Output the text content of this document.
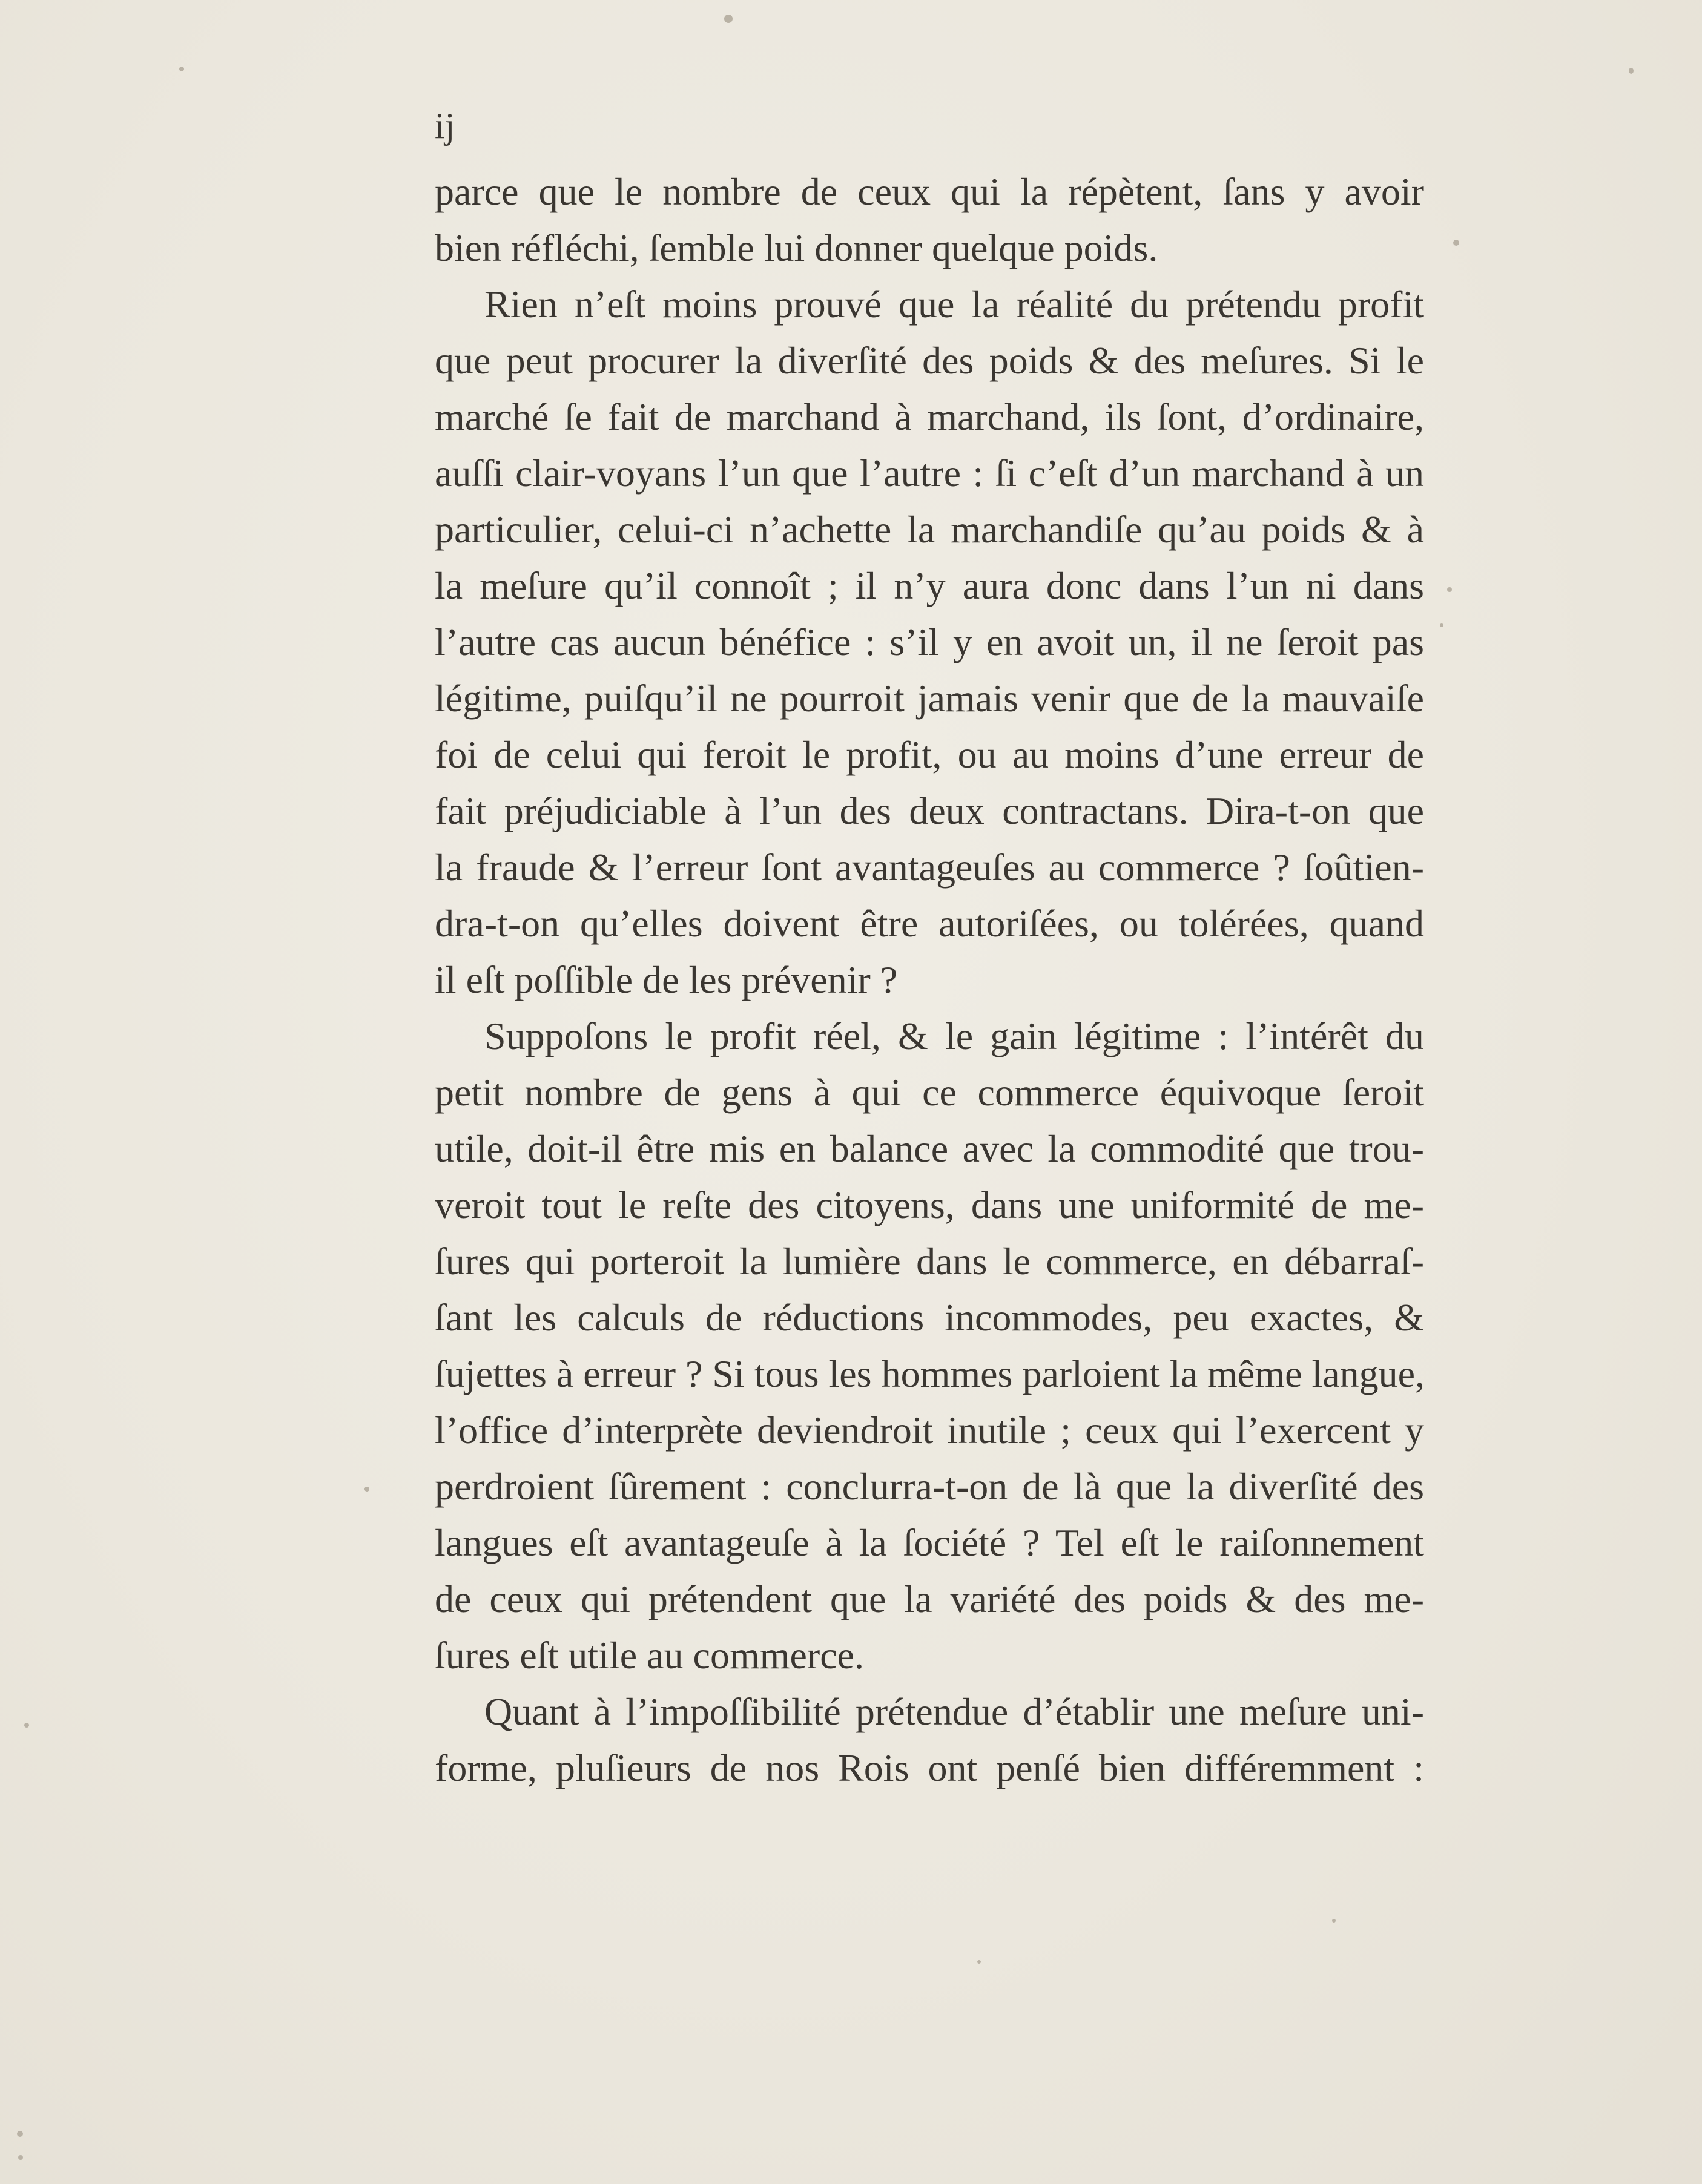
ij
parce que le nombre de ceux qui la répètent, ſans y avoir
bien réfléchi, ſemble lui donner quelque poids.
Rien n’eſt moins prouvé que la réalité du prétendu profit
que peut procurer la diverſité des poids & des meſures. Si le
marché ſe fait de marchand à marchand, ils ſont, d’ordinaire,
auſſi clair-voyans l’un que l’autre : ſi c’eſt d’un marchand à un
particulier, celui-ci n’achette la marchandiſe qu’au poids & à
la meſure qu’il connoît ; il n’y aura donc dans l’un ni dans
l’autre cas aucun bénéfice : s’il y en avoit un, il ne ſeroit pas
légitime, puiſqu’il ne pourroit jamais venir que de la mauvaiſe
foi de celui qui feroit le profit, ou au moins d’une erreur de
fait préjudiciable à l’un des deux contractans. Dira-t-on que
la fraude & l’erreur ſont avantageuſes au commerce ? ſoûtien-
dra-t-on qu’elles doivent être autoriſées, ou tolérées, quand
il eſt poſſible de les prévenir ?
Suppoſons le profit réel, & le gain légitime : l’intérêt du
petit nombre de gens à qui ce commerce équivoque ſeroit
utile, doit-il être mis en balance avec la commodité que trou-
veroit tout le reſte des citoyens, dans une uniformité de me-
ſures qui porteroit la lumière dans le commerce, en débarraſ-
ſant les calculs de réductions incommodes, peu exactes, &
ſujettes à erreur ? Si tous les hommes parloient la même langue,
l’office d’interprète deviendroit inutile ; ceux qui l’exercent y
perdroient ſûrement : conclurra-t-on de là que la diverſité des
langues eſt avantageuſe à la ſociété ? Tel eſt le raiſonnement
de ceux qui prétendent que la variété des poids & des me-
ſures eſt utile au commerce.
Quant à l’impoſſibilité prétendue d’établir une meſure uni-
forme, pluſieurs de nos Rois ont penſé bien différemment :
